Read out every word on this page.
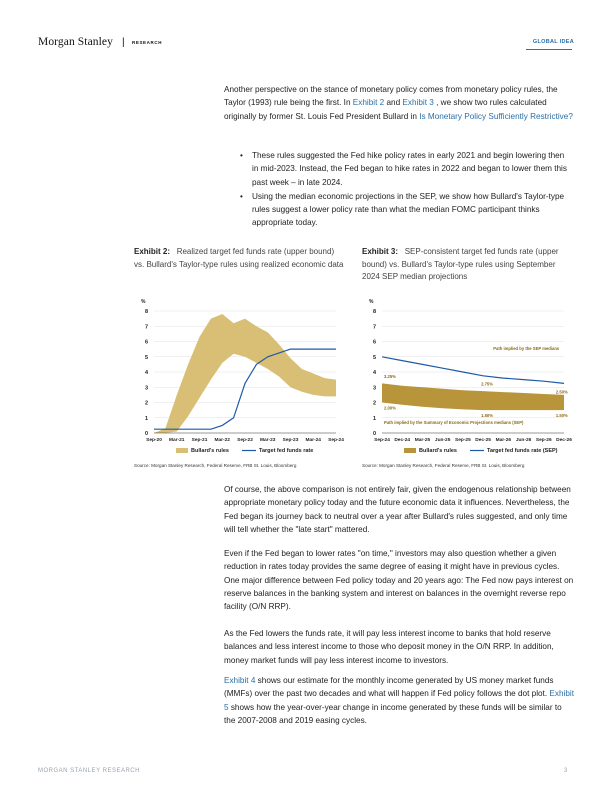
Morgan Stanley | RESEARCH	GLOBAL IDEA

Another perspective on the stance of monetary policy comes from monetary policy rules, the Taylor (1993) rule being the first. In Exhibit 2 and Exhibit 3 , we show two rules calculated originally by former St. Louis Fed President Bullard in Is Monetary Policy Sufficiently Restrictive?

• These rules suggested the Fed hike policy rates in early 2021 and begin lowering then in mid-2023. Instead, the Fed began to hike rates in 2022 and began to lower them this past week – in late 2024.
• Using the median economic projections in the SEP, we show how Bullard's Taylor-type rules suggest a lower policy rate than what the median FOMC participant thinks appropriate today.
Exhibit 2: Realized target fed funds rate (upper bound) vs. Bullard's Taylor-type rules using realized economic data
Exhibit 3: SEP-consistent target fed funds rate (upper bound) vs. Bullard's Taylor-type rules using September 2024 SEP median projections
%
0
1
2
3
4
5
6
7
8
Sep-20 Mar-21 Sep-21 Mar-22 Sep-22 Mar-23 Sep-23 Mar-24 Sep-24
Bullard's rules	Target fed funds rate
%
0
1
2
3
4
5
6
7
8
Sep-24 Dec-24 Mar-25 Jun-25 Sep-25 Dec-25 Mar-26 Jun-26 Sep-26 Dec-26
Path implied by the SEP medians
Path implied by the Summary of Economic Projections medians (SEP)
3.25%
2.00%
2.75%
1.50%
2.50%
1.50%
Bullard's rules	Target fed funds rate (SEP)
Source: Morgan Stanley Research, Federal Reserve, FRB St. Louis, Bloomberg	Source: Morgan Stanley Research, Federal Reserve, FRB St. Louis, Bloomberg

Of course, the above comparison is not entirely fair, given the endogenous relationship between appropriate monetary policy today and the future economic data it influences. Nevertheless, the Fed began its journey back to neutral over a year after Bullard's rules suggested, and only time will tell whether the "late start" mattered.

Even if the Fed began to lower rates "on time," investors may also question whether a given reduction in rates today provides the same degree of easing it might have in previous cycles. One major difference between Fed policy today and 20 years ago: The Fed now pays interest on reserve balances in the banking system and interest on balances in the overnight reverse repo facility (O/N RRP).

As the Fed lowers the funds rate, it will pay less interest income to banks that hold reserve balances and less interest income to those who deposit money in the O/N RRP. In addition, money market funds will pay less interest income to investors.

Exhibit 4 shows our estimate for the monthly income generated by US money market funds (MMFs) over the past two decades and what will happen if Fed policy follows the dot plot. Exhibit 5 shows how the year-over-year change in income generated by these funds will be similar to the 2007-2008 and 2019 easing cycles.

MORGAN STANLEY RESEARCH	3
